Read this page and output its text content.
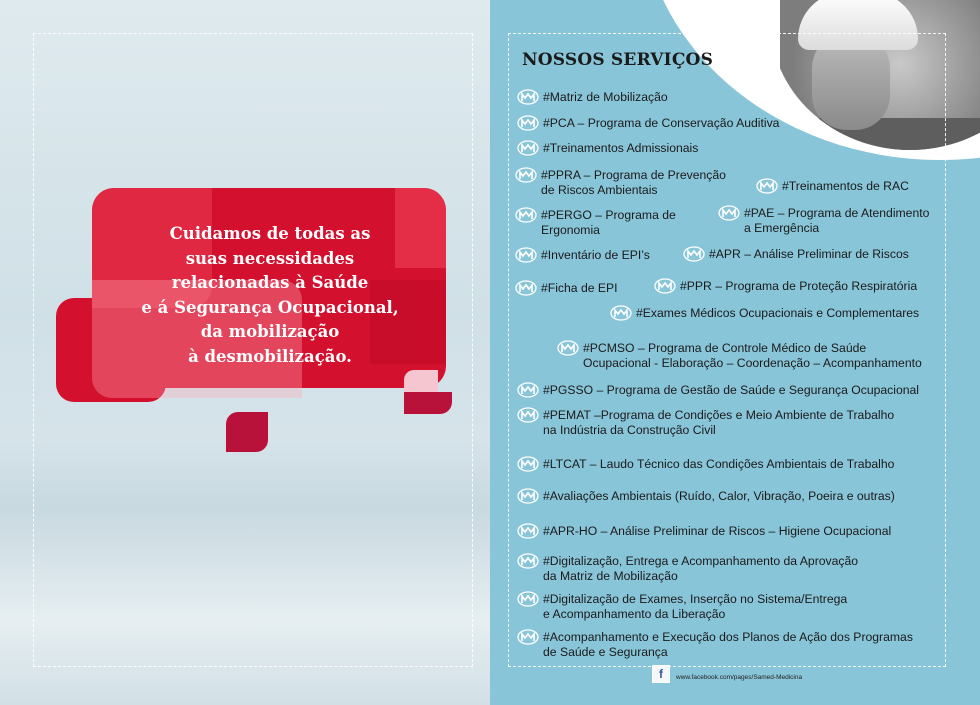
Cuidamos de todas as
suas necessidades
relacionadas à Saúde
e á Segurança Ocupacional,
da mobilização
à desmobilização.
NOSSOS SERVIÇOS
#Matriz de Mobilização
#PCA – Programa de Conservação Auditiva
#Treinamentos Admissionais
#PPRA – Programa de Prevenção
de Riscos Ambientais	#Treinamentos de RAC
#PERGO – Programa de
Ergonomia
#PAE – Programa de Atendimento
a Emergência
#Inventário de EPI’s	#APR – Análise Preliminar de Riscos
#Ficha de EPI	#PPR – Programa de Proteção Respiratória
#Exames Médicos Ocupacionais e Complementares
#PCMSO – Programa de Controle Médico de Saúde
Ocupacional - Elaboração – Coordenação – Acompanhamento
#PGSSO – Programa de Gestão de Saúde e Segurança Ocupacional
#PEMAT –Programa de Condições e Meio Ambiente de Trabalho
na Indústria da Construção Civil
#LTCAT – Laudo Técnico das Condições Ambientais de Trabalho
#Avaliações Ambientais (Ruído, Calor, Vibração, Poeira e outras)
#APR-HO – Análise Preliminar de Riscos – Higiene Ocupacional
#Digitalização, Entrega e Acompanhamento da Aprovação
da Matriz de Mobilização
#Digitalização de Exames, Inserção no Sistema/Entrega
e Acompanhamento da Liberação
#Acompanhamento e Execução dos Planos de Ação dos Programas
de Saúde e Segurança
f	www.facebook.com/pages/Samed-Medicina
